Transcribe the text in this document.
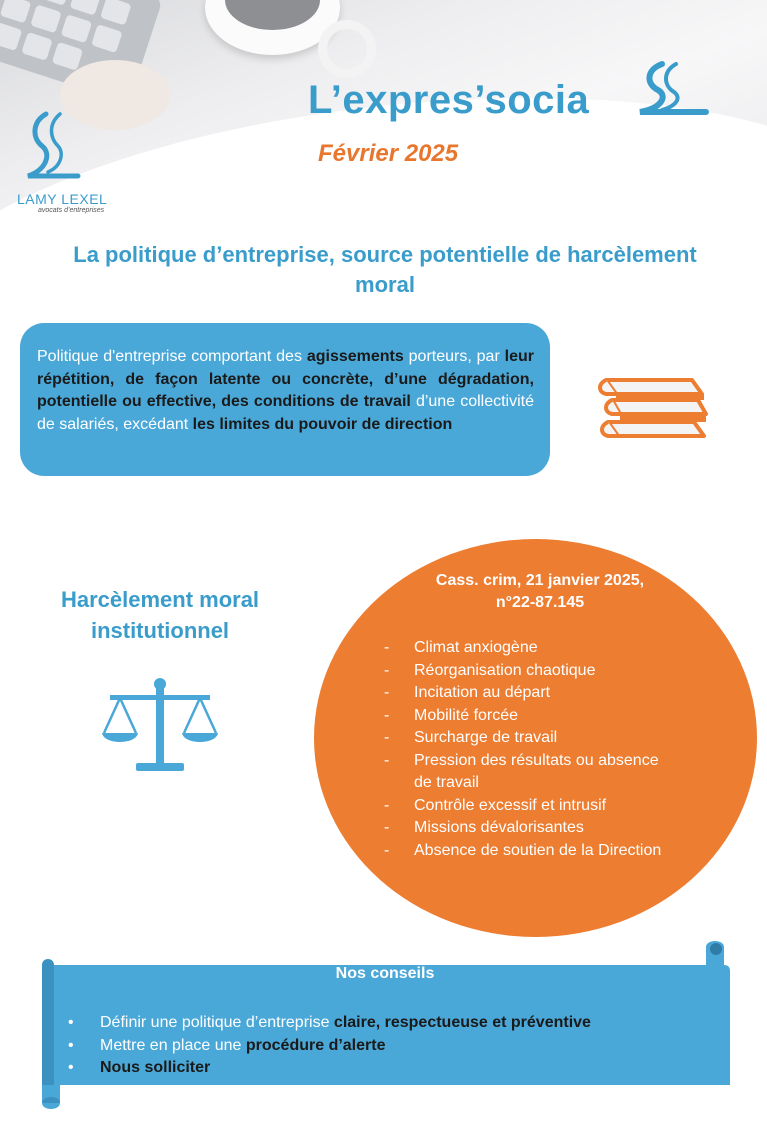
L’expres’socia
Février 2025
LAMY LEXEL
avocats d’entreprises
La politique d’entreprise, source potentielle de harcèlement moral
Politique d'entreprise comportant des agissements porteurs, par leur répétition, de façon latente ou concrète, d’une dégradation, potentielle ou effective, des conditions de travail d’une collectivité de salariés, excédant les limites du pouvoir de direction
Harcèlement moral institutionnel
Cass. crim, 21 janvier 2025,
n°22-87.145
- Climat anxiogène
- Réorganisation chaotique
- Incitation au départ
- Mobilité forcée
- Surcharge de travail
- Pression des résultats ou absence de travail
- Contrôle excessif et intrusif
- Missions dévalorisantes
- Absence de soutien de la Direction
Nos conseils
• Définir une politique d’entreprise claire, respectueuse et préventive
• Mettre en place une procédure d’alerte
• Nous solliciter
